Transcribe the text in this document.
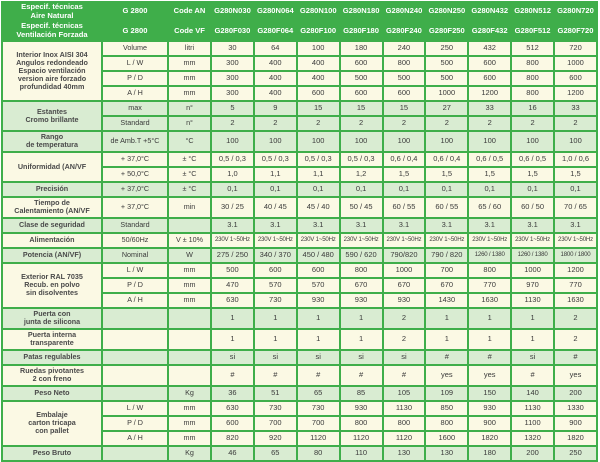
Especif. técnicas
Aire Natural	G 2800	Code AN	G280N030	G280N064	G280N100	G280N180	G280N240	G280N250	G280N432	G280N512	G280N720

Especif. técnicas
Ventilación Forzada	G 2800	Code VF	G280F030	G280F064	G280F100	G280F180	G280F240	G280F250	G280F432	G280F512	G280F720

Interior Inox AISI 304
Angulos redondeado
Espacio ventilación
version aire forzado
profundidad 40mm	Volume	litri	30	64	100	180	240	250	432	512	720
	L / W	mm	300	400	400	600	800	500	600	800	1000
	P / D	mm	300	400	400	500	500	500	600	800	600
	A / H	mm	300	400	600	600	600	1000	1200	800	1200

Estantes
Cromo brillante	max	n°	5	9	15	15	15	27	33	16	33
	Standard	n°	2	2	2	2	2	2	2	2	2

Rango
de temperatura	de Amb.T +5°C	°C	100	100	100	100	100	100	100	100	100

Uniformidad (AN/VF	+ 37,0°C	± °C	0,5 / 0,3	0,5 / 0,3	0,5 / 0,3	0,5 / 0,3	0,6 / 0,4	0,6 / 0,4	0,6 / 0,5	0,6 / 0,5	1,0 / 0,6
	+ 50,0°C	± °C	1,0	1,1	1,1	1,2	1,5	1,5	1,5	1,5	1,5

Precisión	+ 37,0°C	± °C	0,1	0,1	0,1	0,1	0,1	0,1	0,1	0,1	0,1

Tiempo de
Calentamiento (AN/VF	+ 37,0°C	min	30 / 25	40 / 45	45 / 40	50 / 45	60 / 55	60 / 55	65 / 60	60 / 50	70 / 65

Clase de seguridad	Standard		3.1	3.1	3.1	3.1	3.1	3.1	3.1	3.1	3.1

Alimentación	50/60Hz	V ± 10%	230V 1~50Hz	230V 1~50Hz	230V 1~50Hz	230V 1~50Hz	230V 1~50Hz	230V 1~50Hz	230V 1~50Hz	230V 1~50Hz	230V 1~50Hz

Potencia (AN/VF)	Nominal	W	275 / 250	340 / 370	450 / 480	590 / 620	790/820	790 / 820	1260 / 1380	1260 / 1380	1800 / 1800

Exterior RAL 7035
Recub. en polvo
sin disolventes	L / W	mm	500	600	600	800	1000	700	800	1000	1200
	P / D	mm	470	570	570	670	670	670	770	970	770
	A / H	mm	630	730	930	930	930	1430	1630	1130	1630

Puerta con
junta de silicona			1	1	1	1	2	1	1	1	2

Puerta interna
transparente			1	1	1	1	2	1	1	1	2

Patas regulables			si	si	si	si	si	#	#	si	#

Ruedas pivotantes
2 con freno			#	#	#	#	#	yes	yes	#	yes

Peso Neto		Kg	36	51	65	85	105	109	150	140	200

Embalaje
carton tricapa
con pallet	L / W	mm	630	730	730	930	1130	850	930	1130	1330
	P / D	mm	600	700	700	800	800	800	900	1100	900
	A / H	mm	820	920	1120	1120	1120	1600	1820	1320	1820

Peso Bruto		Kg	46	65	80	110	130	130	180	200	250
